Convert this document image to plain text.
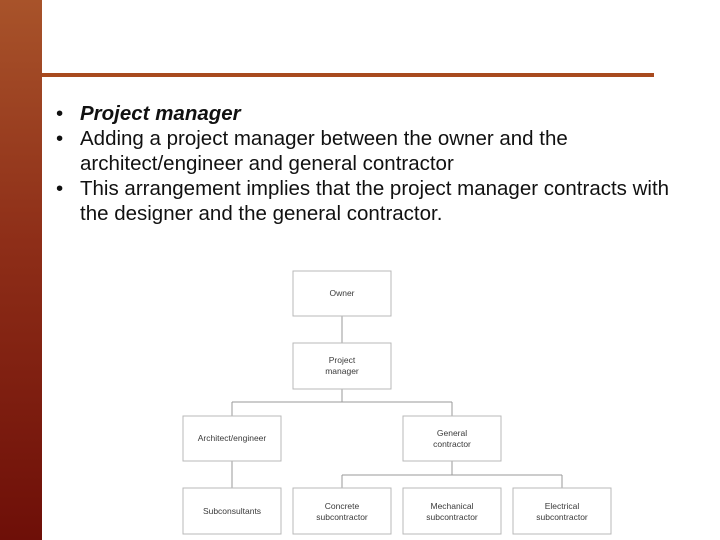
• Project manager
• Adding a project manager between the owner and the architect/engineer and general contractor
• This arrangement implies that the project manager contracts with the designer and the general contractor.
Owner
Project
manager
Architect/engineer	General
contractor
Subconsultants	Concrete
subcontractor
Mechanical
subcontractor
Electrical
subcontractor
